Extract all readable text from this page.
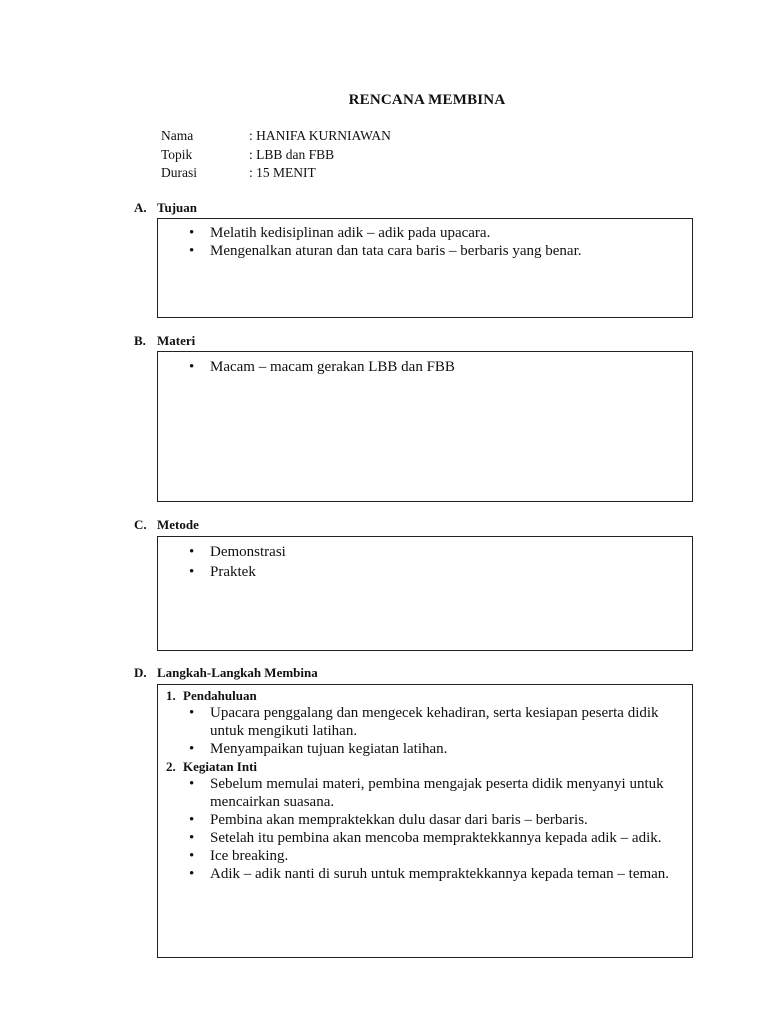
RENCANA MEMBINA
Nama	: HANIFA KURNIAWAN
Topik	: LBB dan FBB
Durasi	: 15 MENIT
A. Tujuan
• Melatih kedisiplinan adik – adik pada upacara.
• Mengenalkan aturan dan tata cara baris – berbaris yang benar.
B. Materi
• Macam – macam gerakan LBB dan FBB
C. Metode
• Demonstrasi
• Praktek
D. Langkah-Langkah Membina
1. Pendahuluan
• Upacara penggalang dan mengecek kehadiran, serta kesiapan peserta didik untuk mengikuti latihan.
• Menyampaikan tujuan kegiatan latihan.
2. Kegiatan Inti
• Sebelum memulai materi, pembina mengajak peserta didik menyanyi untuk mencairkan suasana.
• Pembina akan mempraktekkan dulu dasar dari baris – berbaris.
• Setelah itu pembina akan mencoba mempraktekkannya kepada adik – adik.
• Ice breaking.
• Adik – adik nanti di suruh untuk mempraktekkannya kepada teman – teman.
